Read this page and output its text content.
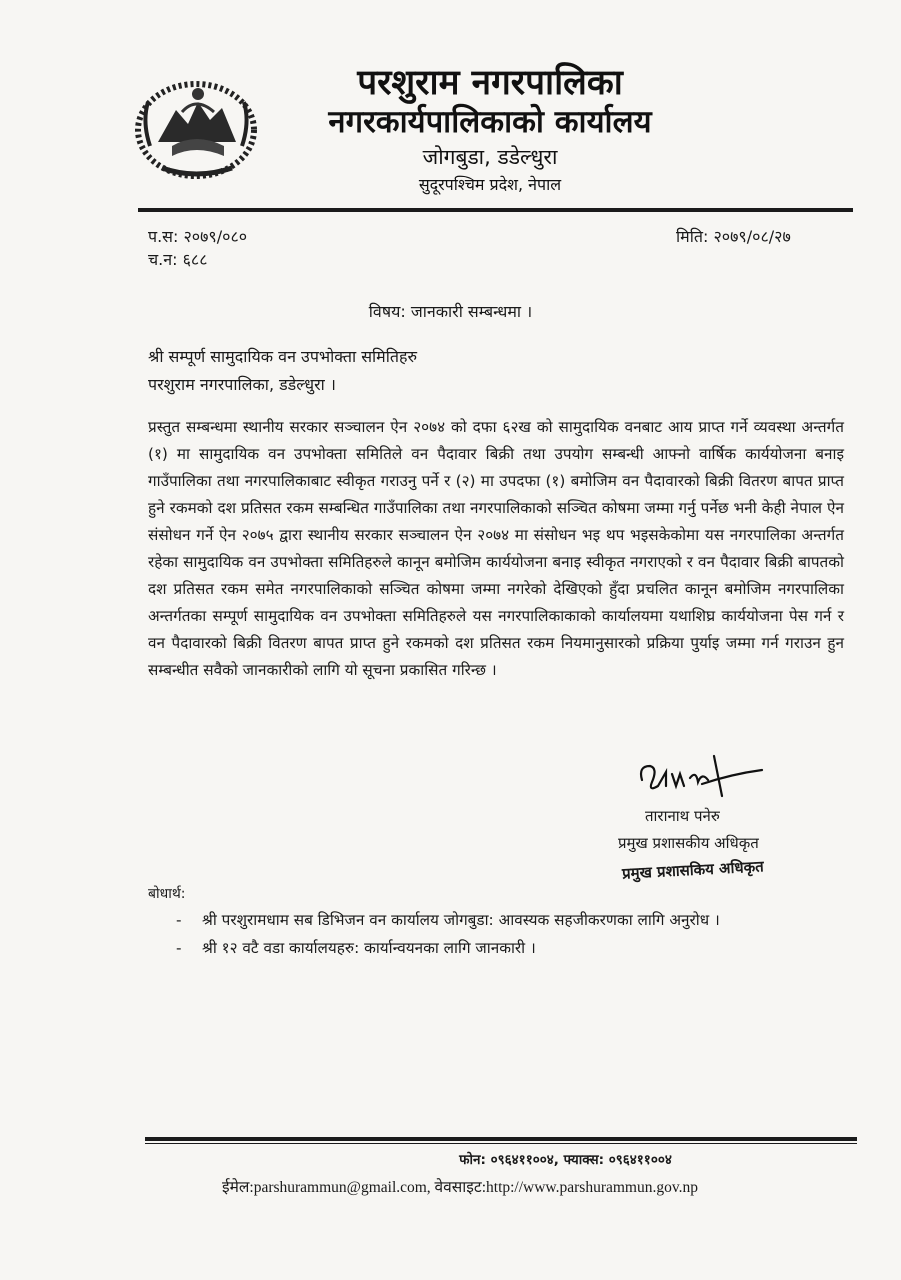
परशुराम नगरपालिका
नगरकार्यपालिकाको कार्यालय
जोगबुडा, डडेल्धुरा
सुदूरपश्चिम प्रदेश, नेपाल
प.स: २०७९/०८०
च.न: ६८८
मिति: २०७९/०८/२७
विषय: जानकारी सम्बन्धमा ।
श्री सम्पूर्ण सामुदायिक वन उपभोक्ता समितिहरु
परशुराम नगरपालिका, डडेल्धुरा ।
प्रस्तुत सम्बन्धमा स्थानीय सरकार सञ्चालन ऐन २०७४ को दफा ६२ख को सामुदायिक वनबाट आय प्राप्त गर्ने व्यवस्था अन्तर्गत (१) मा सामुदायिक वन उपभोक्ता समितिले वन पैदावार बिक्री तथा उपयोग सम्बन्धी आफ्नो वार्षिक कार्ययोजना बनाइ गाउँपालिका तथा नगरपालिकाबाट स्वीकृत गराउनु पर्ने र (२) मा उपदफा (१) बमोजिम वन पैदावारको बिक्री वितरण बापत प्राप्त हुने रकमको दश प्रतिसत रकम सम्बन्धित गाउँपालिका तथा नगरपालिकाको सञ्चित कोषमा जम्मा गर्नु पर्नेछ भनी केही नेपाल ऐन संसोधन गर्ने ऐन २०७५ द्वारा स्थानीय सरकार सञ्चालन ऐन २०७४ मा संसोधन भइ थप भइसकेकोमा यस नगरपालिका अन्तर्गत रहेका सामुदायिक वन उपभोक्ता समितिहरुले कानून बमोजिम कार्ययोजना बनाइ स्वीकृत नगराएको र वन पैदावार बिक्री बापतको दश प्रतिसत रकम समेत नगरपालिकाको सञ्चित कोषमा जम्मा नगरेको देखिएको हुँदा प्रचलित कानून बमोजिम नगरपालिका अन्तर्गतका सम्पूर्ण सामुदायिक वन उपभोक्ता समितिहरुले यस नगरपालिकाकाको कार्यालयमा यथाशिघ्र कार्ययोजना पेस गर्न र वन पैदावारको बिक्री वितरण बापत प्राप्त हुने रकमको दश प्रतिसत रकम नियमानुसारको प्रक्रिया पुर्याइ जम्मा गर्न गराउन हुन सम्बन्धीत सवैको जानकारीको लागि यो सूचना प्रकासित गरिन्छ ।
तारानाथ पनेरु
प्रमुख प्रशासकीय अधिकृत
प्रमुख प्रशासकिय अधिकृत
बोधार्थ:
- श्री परशुरामधाम सब डिभिजन वन कार्यालय जोगबुडा: आवस्यक सहजीकरणका लागि अनुरोध ।
- श्री १२ वटै वडा कार्यालयहरु: कार्यान्वयनका लागि जानकारी ।
फोन: ०९६४११००४, फ्याक्स: ०९६४११००४
ईमेल:parshurammun@gmail.com, वेवसाइट:http://www.parshurammun.gov.np
